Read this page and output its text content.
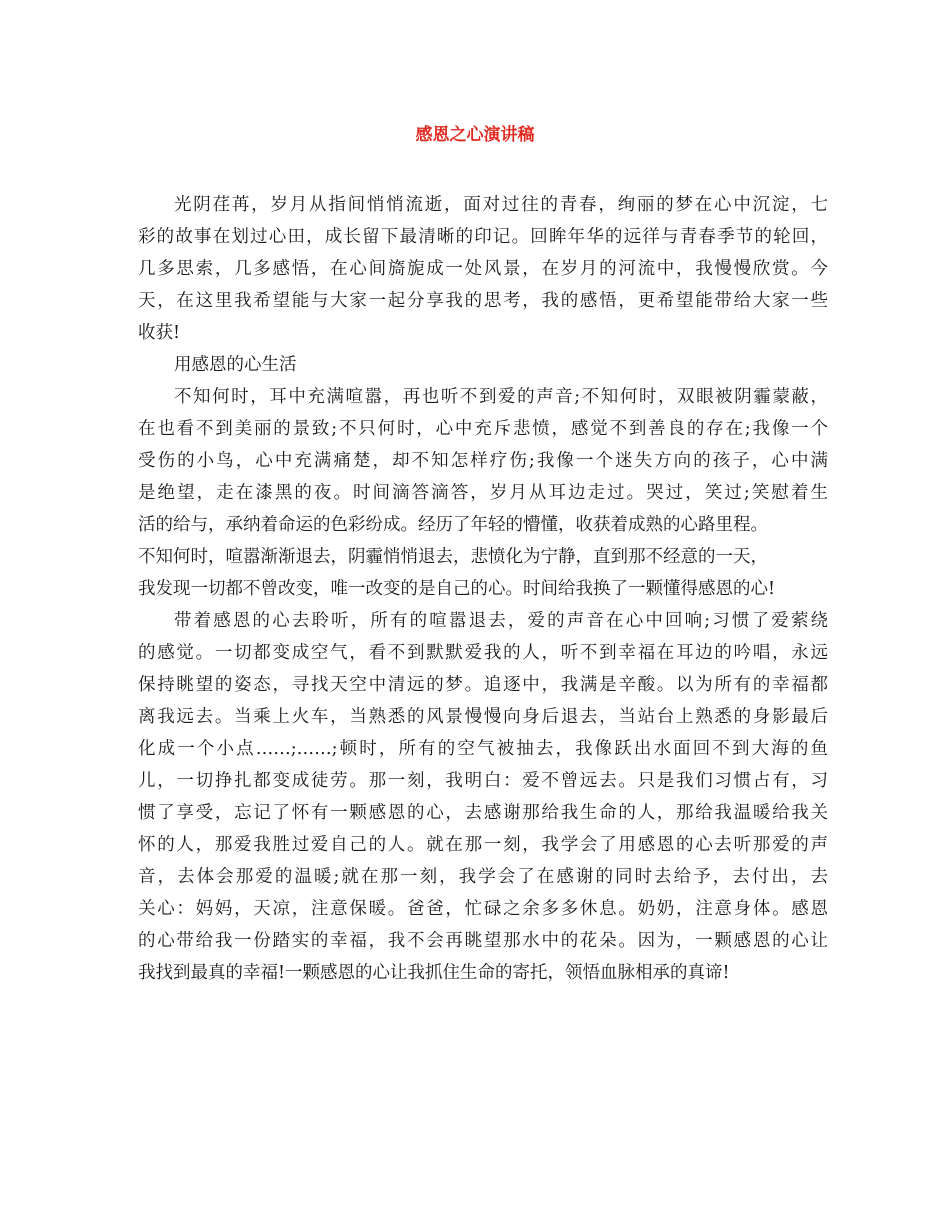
感恩之心演讲稿
光阴荏苒，岁月从指间悄悄流逝，面对过往的青春，绚丽的梦在心中沉淀，七
彩的故事在划过心田，成长留下最清晰的印记。回眸年华的远徉与青春季节的轮回，
几多思索，几多感悟，在心间旖旎成一处风景，在岁月的河流中，我慢慢欣赏。今
天，在这里我希望能与大家一起分享我的思考，我的感悟，更希望能带给大家一些
收获!
用感恩的心生活
不知何时，耳中充满喧嚣，再也听不到爱的声音;不知何时，双眼被阴霾蒙蔽，
在也看不到美丽的景致;不只何时，心中充斥悲愤，感觉不到善良的存在;我像一个
受伤的小鸟，心中充满痛楚，却不知怎样疗伤;我像一个迷失方向的孩子，心中满
是绝望，走在漆黑的夜。时间滴答滴答，岁月从耳边走过。哭过，笑过;笑慰着生
活的给与，承纳着命运的色彩纷成。经历了年轻的懵懂，收获着成熟的心路里程。
不知何时，喧嚣渐渐退去，阴霾悄悄退去，悲愤化为宁静，直到那不经意的一天，
我发现一切都不曾改变，唯一改变的是自己的心。时间给我换了一颗懂得感恩的心!
带着感恩的心去聆听，所有的喧嚣退去，爱的声音在心中回响;习惯了爱萦绕
的感觉。一切都变成空气，看不到默默爱我的人，听不到幸福在耳边的吟唱，永远
保持眺望的姿态，寻找天空中清远的梦。追逐中，我满是辛酸。以为所有的幸福都
离我远去。当乘上火车，当熟悉的风景慢慢向身后退去，当站台上熟悉的身影最后
化成一个小点……;……;顿时，所有的空气被抽去，我像跃出水面回不到大海的鱼
儿，一切挣扎都变成徒劳。那一刻，我明白：爱不曾远去。只是我们习惯占有，习
惯了享受，忘记了怀有一颗感恩的心，去感谢那给我生命的人，那给我温暖给我关
怀的人，那爱我胜过爱自己的人。就在那一刻，我学会了用感恩的心去听那爱的声
音，去体会那爱的温暖;就在那一刻，我学会了在感谢的同时去给予，去付出，去
关心：妈妈，天凉，注意保暖。爸爸，忙碌之余多多休息。奶奶，注意身体。感恩
的心带给我一份踏实的幸福，我不会再眺望那水中的花朵。因为，一颗感恩的心让
我找到最真的幸福!一颗感恩的心让我抓住生命的寄托，领悟血脉相承的真谛!
